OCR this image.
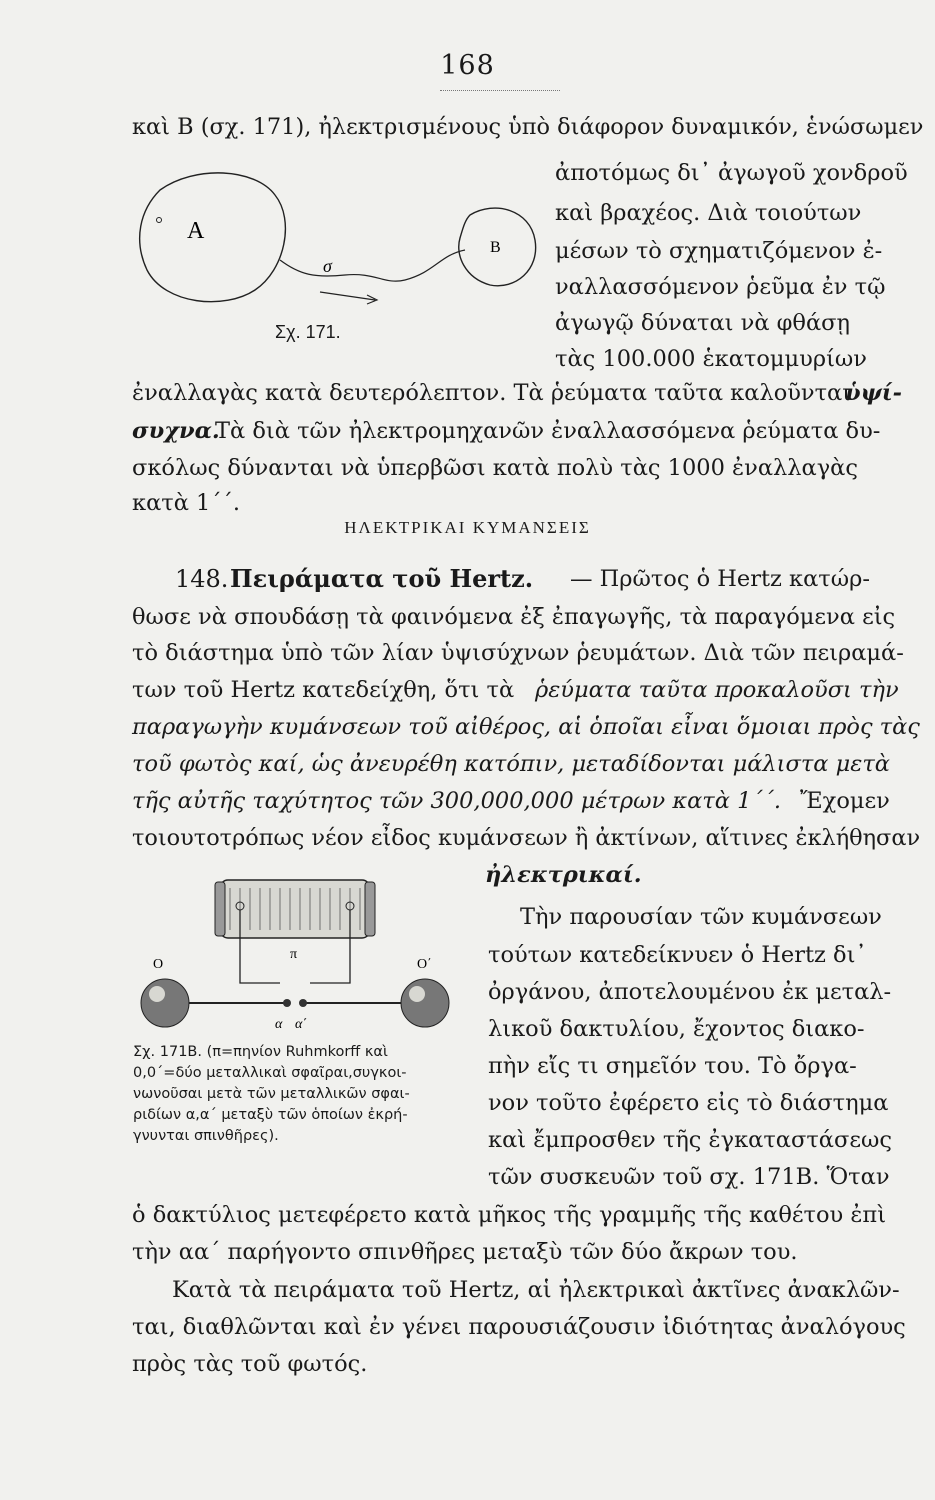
168
καὶ Β (σχ. 171), ἠλεκτρισμένους ὑπὸ διάφορον δυναμικόν, ἑνώσωμεν
ἀποτόμως δι᾽ ἀγωγοῦ χονδροῦ
καὶ βραχέος. Διὰ τοιούτων
μέσων τὸ σχηματιζόμενον ἐ-
ναλλασσόμενον ῥεῦμα ἐν τῷ
ἀγωγῷ δύναται νὰ φθάσῃ
τὰς 100.000 ἑκατομμυρίων
A
B
σ
Σχ. 171.
ἐναλλαγὰς κατὰ δευτερόλεπτον. Τὰ ῥεύματα ταῦτα καλοῦνται
ὑψί-
συχνα.
Τὰ διὰ τῶν ἠλεκτρομηχανῶν ἐναλλασσόμενα ῥεύματα δυ-
σκόλως δύνανται νὰ ὑπερβῶσι κατὰ πολὺ τὰς 1000 ἐναλλαγὰς
κατὰ 1΄΄.
ΗΛΕΚΤΡΙΚΑΙ ΚΥΜΑΝΣΕΙΣ
148. Πειράματα τοῦ Hertz. — Πρῶτος ὁ Hertz κατώρ-
θωσε νὰ σπουδάσῃ τὰ φαινόμενα ἐξ ἐπαγωγῆς, τὰ παραγόμενα εἰς
τὸ διάστημα ὑπὸ τῶν λίαν ὑψισύχνων ῥευμάτων. Διὰ τῶν πειραμά-
των τοῦ Hertz κατεδείχθη, ὅτι τὰ ῥεύματα ταῦτα προκαλοῦσι τὴν
παραγωγὴν κυμάνσεων τοῦ αἰθέρος, αἱ ὁποῖαι εἶναι ὅμοιαι πρὸς τὰς
τοῦ φωτὸς καί, ὡς ἀνευρέθη κατόπιν, μεταδίδονται μάλιστα μετὰ
τῆς αὐτῆς ταχύτητος τῶν 300,000,000 μέτρων κατὰ 1΄΄. Ἔχομεν
τοιουτοτρόπως νέον εἶδος κυμάνσεων ἢ ἀκτίνων, αἵτινες ἐκλήθησαν
ἠλεκτρικαί.
π
O	O΄
α α΄
Σχ. 171Β. (π=πηνίον Ruhmkorff καὶ
0,0΄=δύο μεταλλικαὶ σφαῖραι,συγκοι-
νωνοῦσαι μετὰ τῶν μεταλλικῶν σφαι-
ριδίων α,α΄ μεταξὺ τῶν ὁποίων ἐκρή-
γνυνται σπινθῆρες).
Τὴν παρουσίαν τῶν κυμάνσεων
τούτων κατεδείκνυεν ὁ Hertz δι᾽
ὀργάνου, ἀποτελουμένου ἐκ μεταλ-
λικοῦ δακτυλίου, ἔχοντος διακο-
πὴν εἴς τι σημεῖόν του. Τὸ ὄργα-
νον τοῦτο ἐφέρετο εἰς τὸ διάστημα
καὶ ἔμπροσθεν τῆς ἐγκαταστάσεως
τῶν συσκευῶν τοῦ σχ. 171Β. Ὅταν
ὁ δακτύλιος μετεφέρετο κατὰ μῆκος τῆς γραμμῆς τῆς καθέτου ἐπὶ
τὴν αα΄ παρήγοντο σπινθῆρες μεταξὺ τῶν δύο ἄκρων του.
Κατὰ τὰ πειράματα τοῦ Hertz, αἱ ἠλεκτρικαὶ ἀκτῖνες ἀνακλῶν-
ται, διαθλῶνται καὶ ἐν γένει παρουσιάζουσιν ἰδιότητας ἀναλόγους
πρὸς τὰς τοῦ φωτός.
